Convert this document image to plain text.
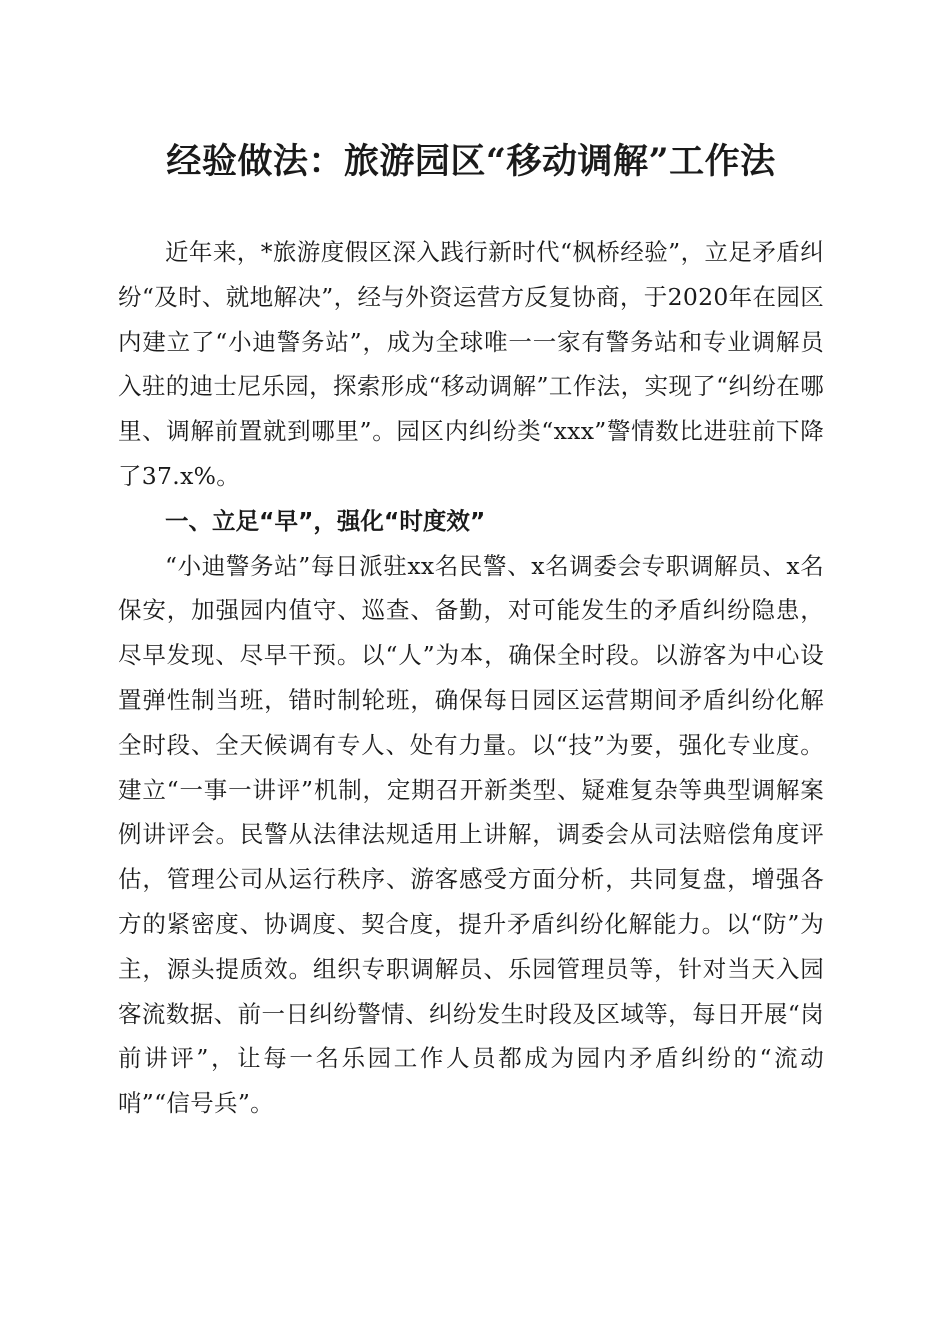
经验做法：旅游园区“移动调解”工作法

近年来，*旅游度假区深入践行新时代“枫桥经验”，立足矛盾纠纷“及时、就地解决”，经与外资运营方反复协商，于2020年在园区内建立了“小迪警务站”，成为全球唯一一家有警务站和专业调解员入驻的迪士尼乐园，探索形成“移动调解”工作法，实现了“纠纷在哪里、调解前置就到哪里”。园区内纠纷类“xxx”警情数比进驻前下降了37.x%。

一、立足“早”，强化“时度效”

“小迪警务站”每日派驻xx名民警、x名调委会专职调解员、x名保安，加强园内值守、巡查、备勤，对可能发生的矛盾纠纷隐患，尽早发现、尽早干预。以“人”为本，确保全时段。以游客为中心设置弹性制当班，错时制轮班，确保每日园区运营期间矛盾纠纷化解全时段、全天候调有专人、处有力量。以“技”为要，强化专业度。建立“一事一讲评”机制，定期召开新类型、疑难复杂等典型调解案例讲评会。民警从法律法规适用上讲解，调委会从司法赔偿角度评估，管理公司从运行秩序、游客感受方面分析，共同复盘，增强各方的紧密度、协调度、契合度，提升矛盾纠纷化解能力。以“防”为主，源头提质效。组织专职调解员、乐园管理员等，针对当天入园客流数据、前一日纠纷警情、纠纷发生时段及区域等，每日开展“岗前讲评”，让每一名乐园工作人员都成为园内矛盾纠纷的“流动哨”“信号兵”。
